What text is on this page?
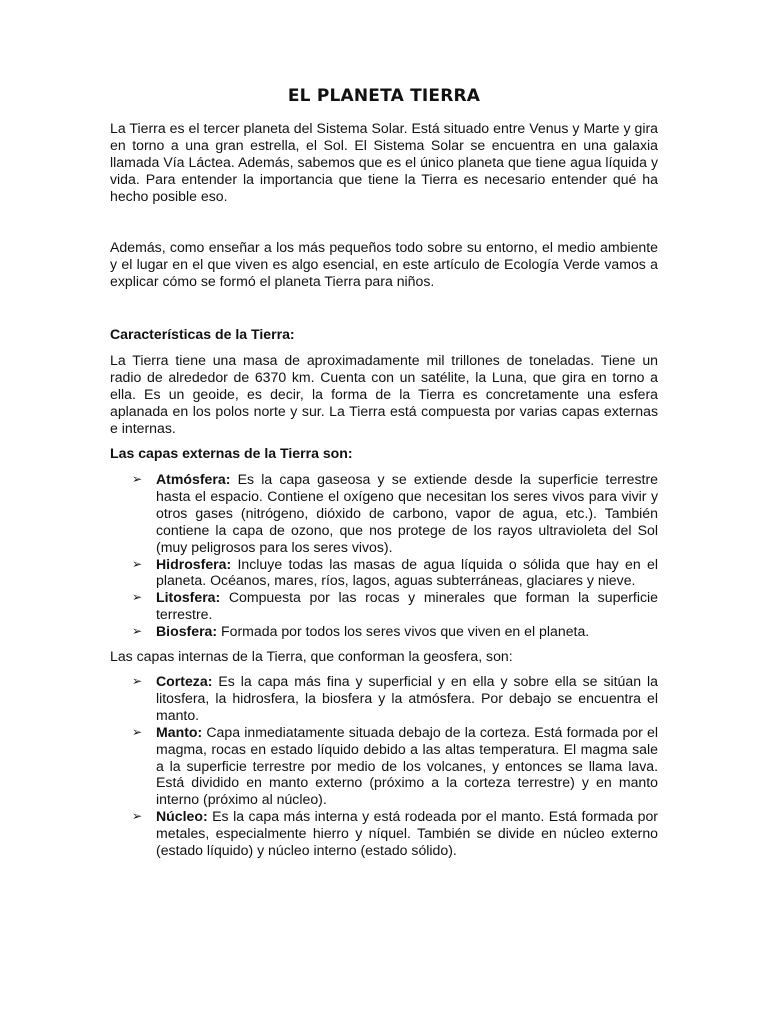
EL PLANETA TIERRA

La Tierra es el tercer planeta del Sistema Solar. Está situado entre Venus y Marte y gira en torno a una gran estrella, el Sol. El Sistema Solar se encuentra en una galaxia llamada Vía Láctea. Además, sabemos que es el único planeta que tiene agua líquida y vida. Para entender la importancia que tiene la Tierra es necesario entender qué ha hecho posible eso.

Además, como enseñar a los más pequeños todo sobre su entorno, el medio ambiente y el lugar en el que viven es algo esencial, en este artículo de Ecología Verde vamos a explicar cómo se formó el planeta Tierra para niños.

Características de la Tierra:

La Tierra tiene una masa de aproximadamente mil trillones de toneladas. Tiene un radio de alrededor de 6370 km. Cuenta con un satélite, la Luna, que gira en torno a ella. Es un geoide, es decir, la forma de la Tierra es concretamente una esfera aplanada en los polos norte y sur. La Tierra está compuesta por varias capas externas e internas.

Las capas externas de la Tierra son:

➢ Atmósfera: Es la capa gaseosa y se extiende desde la superficie terrestre hasta el espacio. Contiene el oxígeno que necesitan los seres vivos para vivir y otros gases (nitrógeno, dióxido de carbono, vapor de agua, etc.). También contiene la capa de ozono, que nos protege de los rayos ultravioleta del Sol (muy peligrosos para los seres vivos).
➢ Hidrosfera: Incluye todas las masas de agua líquida o sólida que hay en el planeta. Océanos, mares, ríos, lagos, aguas subterráneas, glaciares y nieve.
➢ Litosfera: Compuesta por las rocas y minerales que forman la superficie terrestre.
➢ Biosfera: Formada por todos los seres vivos que viven en el planeta.

Las capas internas de la Tierra, que conforman la geosfera, son:

➢ Corteza: Es la capa más fina y superficial y en ella y sobre ella se sitúan la litosfera, la hidrosfera, la biosfera y la atmósfera. Por debajo se encuentra el manto.
➢ Manto: Capa inmediatamente situada debajo de la corteza. Está formada por el magma, rocas en estado líquido debido a las altas temperatura. El magma sale a la superficie terrestre por medio de los volcanes, y entonces se llama lava. Está dividido en manto externo (próximo a la corteza terrestre) y en manto interno (próximo al núcleo).
➢ Núcleo: Es la capa más interna y está rodeada por el manto. Está formada por metales, especialmente hierro y níquel. También se divide en núcleo externo (estado líquido) y núcleo interno (estado sólido).
